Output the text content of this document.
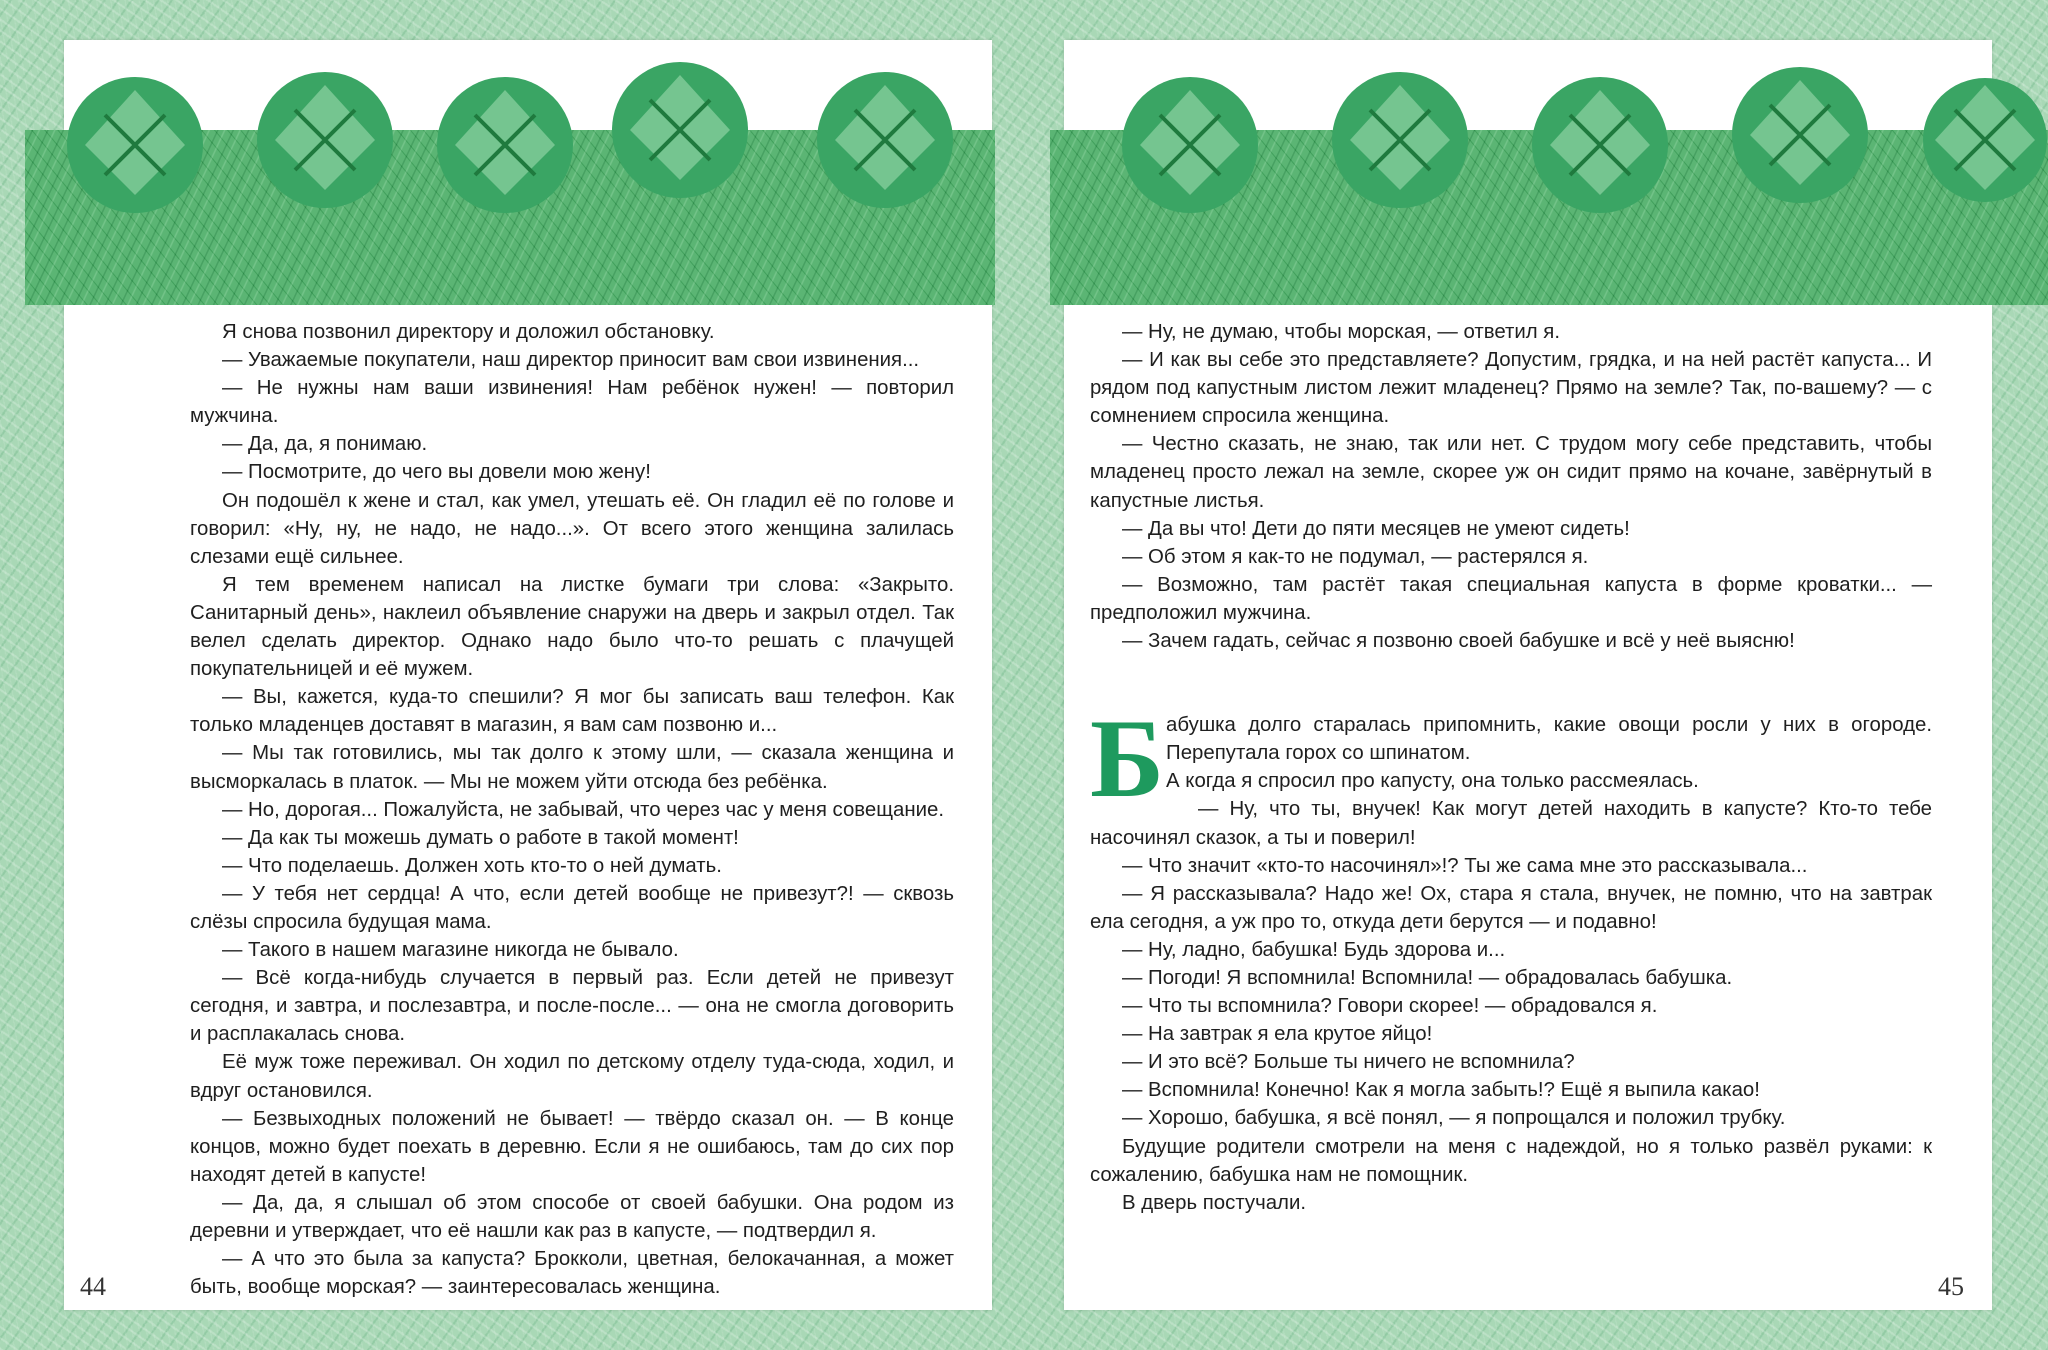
Я снова позвонил директору и доложил обстановку.

— Уважаемые покупатели, наш директор приносит вам свои извинения...

— Не нужны нам ваши извинения! Нам ребёнок нужен! — повторил мужчина.

— Да, да, я понимаю.

— Посмотрите, до чего вы довели мою жену!

Он подошёл к жене и стал, как умел, утешать её. Он гладил её по голове и говорил: «Ну, ну, не надо, не надо...». От всего этого женщина залилась слезами ещё сильнее.

Я тем временем написал на листке бумаги три слова: «Закрыто. Санитарный день», наклеил объявление снаружи на дверь и закрыл отдел. Так велел сделать директор. Однако надо было что-то решать с плачущей покупательницей и её мужем.

— Вы, кажется, куда-то спешили? Я мог бы записать ваш телефон. Как только младенцев доставят в магазин, я вам сам позвоню и...

— Мы так готовились, мы так долго к этому шли, — сказала женщина и высморкалась в платок. — Мы не можем уйти отсюда без ребёнка.

— Но, дорогая... Пожалуйста, не забывай, что через час у меня совещание.

— Да как ты можешь думать о работе в такой момент!

— Что поделаешь. Должен хоть кто-то о ней думать.

— У тебя нет сердца! А что, если детей вообще не привезут?! — сквозь слёзы спросила будущая мама.

— Такого в нашем магазине никогда не бывало.

— Всё когда-нибудь случается в первый раз. Если детей не привезут сегодня, и завтра, и послезавтра, и после-после... — она не смогла договорить и расплакалась снова.

Её муж тоже переживал. Он ходил по детскому отделу туда-сюда, ходил, и вдруг остановился.

— Безвыходных положений не бывает! — твёрдо сказал он. — В конце концов, можно будет поехать в деревню. Если я не ошибаюсь, там до сих пор находят детей в капусте!

— Да, да, я слышал об этом способе от своей бабушки. Она родом из деревни и утверждает, что её нашли как раз в капусте, — подтвердил я.

— А что это была за капуста? Брокколи, цветная, белокачанная, а может быть, вообще морская? — заинтересовалась женщина.

— Ну, не думаю, чтобы морская, — ответил я.

— И как вы себе это представляете? Допустим, грядка, и на ней растёт капуста... И рядом под капустным листом лежит младенец? Прямо на земле? Так, по-вашему? — с сомнением спросила женщина.

— Честно сказать, не знаю, так или нет. С трудом могу себе представить, чтобы младенец просто лежал на земле, скорее уж он сидит прямо на кочане, завёрнутый в капустные листья.

— Да вы что! Дети до пяти месяцев не умеют сидеть!

— Об этом я как-то не подумал, — растерялся я.

— Возможно, там растёт такая специальная капуста в форме кроватки... — предположил мужчина.

— Зачем гадать, сейчас я позвоню своей бабушке и всё у неё выясню!

Бабушка долго старалась припомнить, какие овощи росли у них в огороде. Перепутала горох со шпинатом.

А когда я спросил про капусту, она только рассмеялась.

— Ну, что ты, внучек! Как могут детей находить в капусте? Кто-то тебе насочинял сказок, а ты и поверил!

— Что значит «кто-то насочинял»!? Ты же сама мне это рассказывала...

— Я рассказывала? Надо же! Ох, стара я стала, внучек, не помню, что на завтрак ела сегодня, а уж про то, откуда дети берутся — и подавно!

— Ну, ладно, бабушка! Будь здорова и...

— Погоди! Я вспомнила! Вспомнила! — обрадовалась бабушка.

— Что ты вспомнила? Говори скорее! — обрадовался я.

— На завтрак я ела крутое яйцо!

— И это всё? Больше ты ничего не вспомнила?

— Вспомнила! Конечно! Как я могла забыть!? Ещё я выпила какао!

— Хорошо, бабушка, я всё понял, — я попрощался и положил трубку.

Будущие родители смотрели на меня с надеждой, но я только развёл руками: к сожалению, бабушка нам не помощник.

В дверь постучали.

44	45
